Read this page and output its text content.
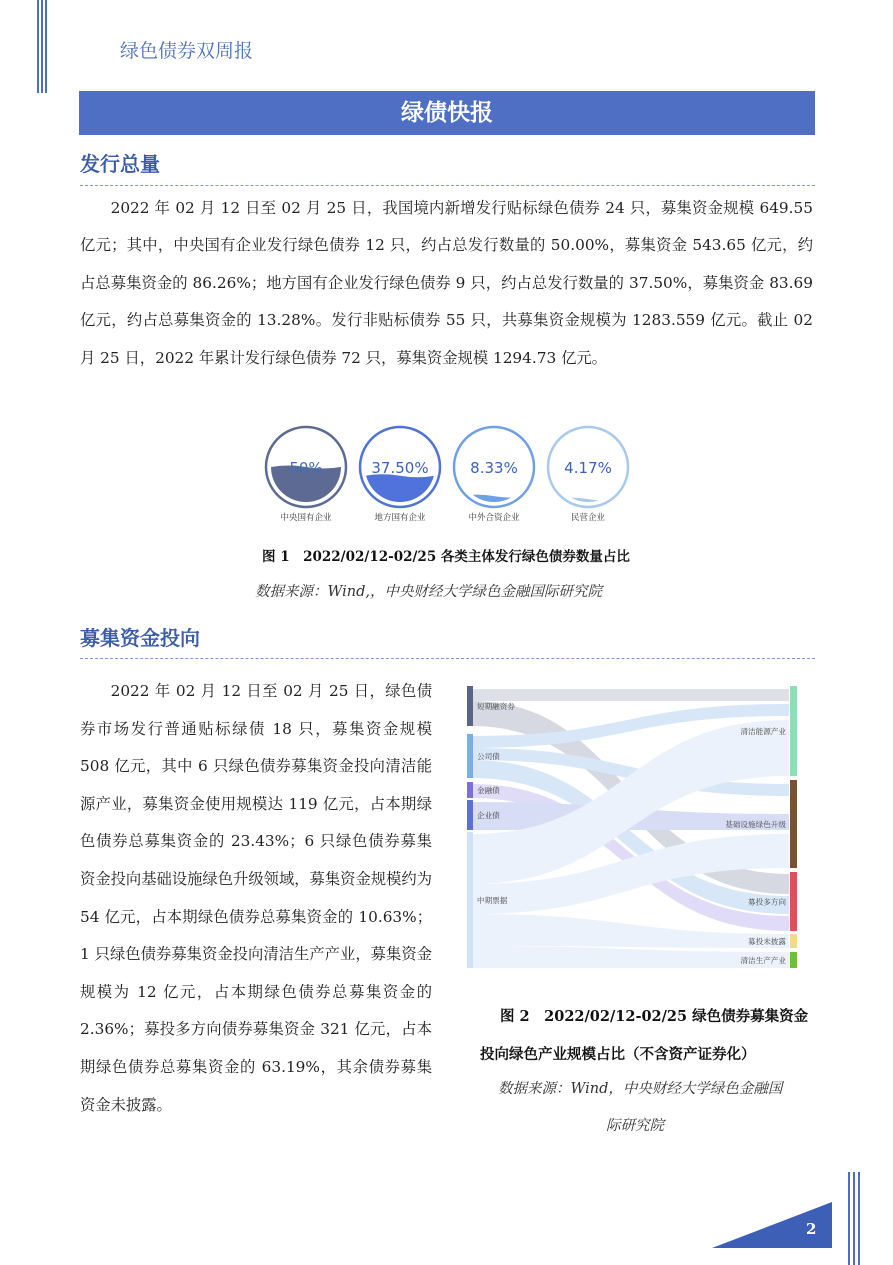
绿色债券双周报
绿债快报
发行总量
2022 年 02 月 12 日至 02 月 25 日，我国境内新增发行贴标绿色债券 24 只，募集资金规模 649.55 亿元；其中，中央国有企业发行绿色债券 12 只，约占总发行数量的 50.00%，募集资金 543.65 亿元，约占总募集资金的 86.26%；地方国有企业发行绿色债券 9 只，约占总发行数量的 37.50%，募集资金 83.69 亿元，约占总募集资金的 13.28%。发行非贴标债券 55 只，共募集资金规模为 1283.559 亿元。截止 02 月 25 日，2022 年累计发行绿色债券 72 只，募集资金规模 1294.73 亿元。
50%	37.50%	8.33%	4.17%
中央国有企业	地方国有企业	中外合资企业	民营企业
图 1　2022/02/12-02/25 各类主体发行绿色债券数量占比
数据来源：Wind,，中央财经大学绿色金融国际研究院
募集资金投向
2022 年 02 月 12 日至 02 月 25 日，绿色债券市场发行普通贴标绿债 18 只，募集资金规模 508 亿元，其中 6 只绿色债券募集资金投向清洁能源产业，募集资金使用规模达 119 亿元，占本期绿色债券总募集资金的 23.43%；6 只绿色债券募集资金投向基础设施绿色升级领域，募集资金规模约为 54 亿元，占本期绿色债券总募集资金的 10.63%；1 只绿色债券募集资金投向清洁生产产业，募集资金规模为 12 亿元，占本期绿色债券总募集资金的 2.36%；募投多方向债券募集资金 321 亿元，占本期绿色债券总募集资金的 63.19%，其余债券募集资金未披露。
短期融资券
公司债
金融债
企业债
中期票据
清洁能源产业
基础设施绿色升级
募投多方向
募投未披露
清洁生产产业
图 2　2022/02/12-02/25 绿色债券募集资金
投向绿色产业规模占比（不含资产证券化）
数据来源：Wind，中央财经大学绿色金融国
际研究院
2
